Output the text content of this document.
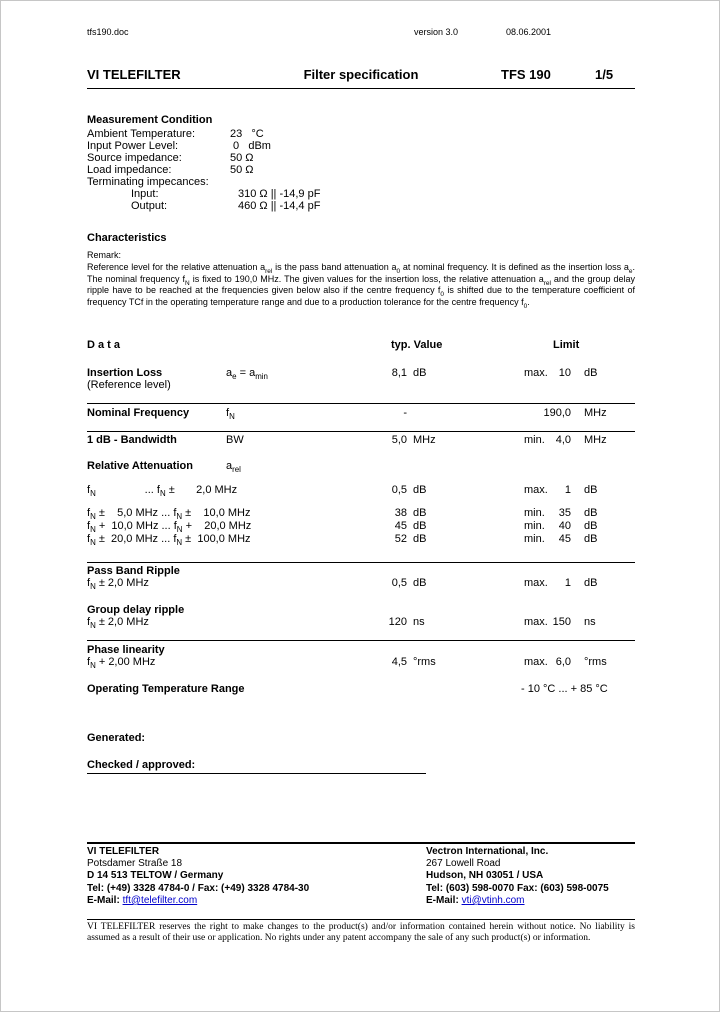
tfs190.doc	version 3.0	08.06.2001
VI TELEFILTER	Filter specification	TFS 190	1/5
Measurement Condition
Ambient Temperature:	23   °C
Input Power Level:	0   dBm
Source impedance:	50 Ω
Load impedance:	50 Ω
Terminating impecances:
Input:	310 Ω || -14,9 pF
Output:	460 Ω || -14,4 pF
Characteristics
Remark:
Reference level for the relative attenuation $a_{rel}$ is the pass band attenuation $a_0$ at nominal frequency. It is defined as the insertion loss $a_e$. The nominal frequency $f_N$ is fixed to 190,0 MHz. The given values for the insertion loss, the relative attenuation $a_{rel}$ and the group delay ripple have to be reached at the frequencies given below also if the centre frequency $f_0$ is shifted due to the temperature coefficient of frequency TCf in the operating temperature range and due to a production tolerance for the centre frequency $f_0$.
D a t a	typ. Value	Limit
Insertion Loss
(Reference level)
$a_e = a_{min}$	8,1 dB	max. 10 dB
Nominal Frequency	$f_N$	-	190,0 MHz
1 dB - Bandwidth	BW	5,0 MHz	min. 4,0 MHz
Relative Attenuation	$a_{rel}$
$f_N$                ... $f_N$ ±       2,0 MHz	0,5 dB	max.	1 dB
$f_N$ ±    5,0 MHz ... $f_N$ ±    10,0 MHz	38 dB	min.	35 dB
$f_N + 10,0$ MHz ... $f_N$ +    20,0 MHz	45 dB	min.	40 dB
$f_N \pm 20,0$ MHz ... $f_N \pm 100,0$ MHz	52 dB	min.	45 dB
Pass Band Ripple
$f_N \pm 2,0$ MHz	0,5 dB	max.	1 dB
Group delay ripple
$f_N \pm 2,0$ MHz	120 ns	max. 150 ns
Phase linearity
$f_N + 2,00$ MHz	4,5 °rms	max. 6,0 °rms
Operating Temperature Range	- 10 °C ... + 85 °C
Generated:
Checked / approved:
VI TELEFILTER
Potsdamer Straße 18
D 14 513 TELTOW / Germany
Tel: (+49) 3328 4784-0 / Fax: (+49) 3328 4784-30
E-Mail: tft@telefilter.com
Vectron International, Inc.
267 Lowell Road
Hudson, NH 03051 / USA
Tel: (603) 598-0070 Fax: (603) 598-0075
E-Mail: vti@vtinh.com
VI TELEFILTER reserves the right to make changes to the product(s) and/or information contained herein without notice. No liability is assumed as a result of their use or application. No rights under any patent accompany the sale of any such product(s) or information.
